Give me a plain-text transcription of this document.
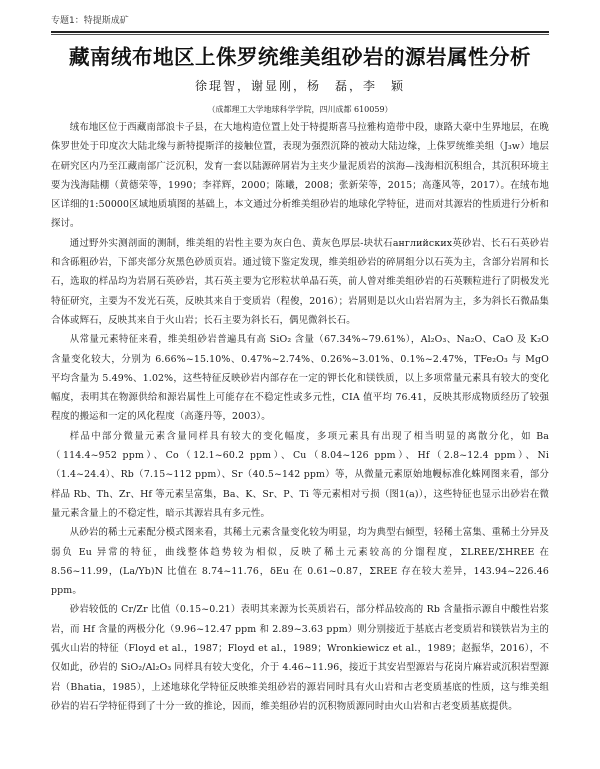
专题1：特提斯成矿
藏南绒布地区上侏罗统维美组砂岩的源岩属性分析
徐琨智，谢显刚，杨　磊，李　颖
（成都理工大学地球科学学院，四川成都 610059）

绒布地区位于西藏南部浪卡子县，在大地构造位置上处于特提斯喜马拉雅构造带中段，康路大豪中生界地层，在晚侏罗世处于印度次大陆北缘与新特提斯洋的接触位置，表现为强烈沉降的被动大陆边缘，上侏罗统维美组（J₃w）地层在研究区内乃至江藏南部广泛沉积，发育一套以陆源碎屑岩为主夹少量泥质岩的滨海—浅海相沉积组合，其沉积环境主要为浅海陆棚（黄德荣等，1990；李祥辉，2000；陈曦，2008；张新荣等，2015；高蓬风等，2017）。在绒布地区详细的1:50000区域地质填图的基础上，本文通过分析维美组砂岩的地球化学特征，进而对其源岩的性质进行分析和探讨。

通过野外实测剖面的测制，维美组的岩性主要为灰白色、黄灰色厚层-块状石английских英砂岩、长石石英砂岩和含砾粗砂岩，下部夹部分灰黑色砂质页岩。通过镜下鉴定发现，维美组砂岩的碎屑组分以石英为主，含部分岩屑和长石，选取的样品均为岩屑石英砂岩，其石英主要为它形粒状单晶石英，前人曾对维美组砂岩的石英颗粒进行了阴极发光特征研究，主要为不发光石英，反映其来自于变质岩（程俊，2016）；岩屑则是以火山岩岩屑为主，多为斜长石微晶集合体或辉石，反映其来自于火山岩；长石主要为斜长石，偶见微斜长石。

从常量元素特征来看，维美组砂岩普遍具有高 SiO₂ 含量（67.34%~79.61%），Al₂O₃、Na₂O、CaO 及 K₂O 含量变化较大，分别为 6.66%~15.10%、0.47%~2.74%、0.26%~3.01%、0.1%~2.47%，TFe₂O₃ 与 MgO 平均含量为 5.49%、1.02%，这些特征反映砂岩内部存在一定的钾长化和镁铁质，以上多项常量元素具有较大的变化幅度，表明其在物源供给和源岩属性上可能存在不稳定性或多元性，CIA 值平均 76.41，反映其形成物质经历了较强程度的搬运和一定的风化程度（高蓬丹等，2003）。

样品中部分微量元素含量同样具有较大的变化幅度，多项元素具有出现了相当明显的离散分化，如 Ba（114.4~952 ppm）、Co（12.1~60.2 ppm）、Cu（8.04~126 ppm）、Hf（2.8~12.4 ppm）、Ni（1.4~24.4）、Rb（7.15~112 ppm）、Sr（40.5~142 ppm）等，从微量元素原始地幔标准化蛛网图来看，部分样品 Rb、Th、Zr、Hf 等元素呈富集，Ba、K、Sr、P、Ti 等元素相对亏损（图1(a)），这些特征也显示出砂岩在微量元素含量上的不稳定性，暗示其源岩具有多元性。

从砂岩的稀土元素配分模式图来看，其稀土元素含量变化较为明显，均为典型右倾型，轻稀土富集、重稀土分异及弱负 Eu 异常的特征，曲线整体趋势较为相似，反映了稀土元素较高的分馏程度，ΣLREE/ΣHREE 在 8.56~11.99，(La/Yb)N 比值在 8.74~11.76，δEu 在 0.61~0.87，ΣREE 存在较大差异，143.94~226.46 ppm。

砂岩较低的 Cr/Zr 比值（0.15~0.21）表明其来源为长英质岩石，部分样品较高的 Rb 含量指示源自中酸性岩浆岩，而 Hf 含量的两极分化（9.96~12.47 ppm 和 2.89~3.63 ppm）则分别接近于基底古老变质岩和镁铁岩为主的弧火山岩的特征（Floyd et al.，1987；Floyd et al.，1989；Wronkiewicz et al.，1989；赵振华，2016），不仅如此，砂岩的 SiO₂/Al₂O₃ 同样具有较大变化，介于 4.46~11.96，接近于其安岩型源岩与花岗片麻岩或沉积岩型源岩（Bhatia，1985），上述地球化学特征反映维美组砂岩的源岩同时具有火山岩和古老变质基底的性质，这与维美组砂岩的岩石学特征得到了十分一致的推论，因而，维美组砂岩的沉积物质源同时由火山岩和古老变质基底提供。
